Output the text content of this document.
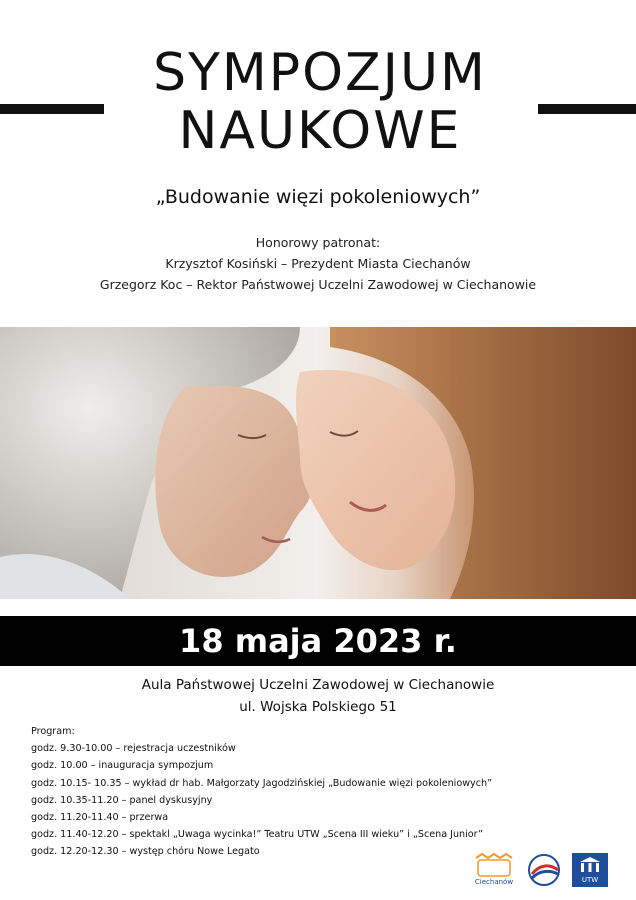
SYMPOZJUM
NAUKOWE
„Budowanie więzi pokoleniowych”
Honorowy patronat:
Krzysztof Kosiński – Prezydent Miasta Ciechanów
Grzegorz Koc – Rektor Państwowej Uczelni Zawodowej w Ciechanowie
18 maja 2023 r.
Aula Państwowej Uczelni Zawodowej w Ciechanowie
ul. Wojska Polskiego 51
Program:
godz. 9.30-10.00 – rejestracja uczestników
godz. 10.00 – inauguracja sympozjum
godz. 10.15- 10.35 – wykład dr hab. Małgorzaty Jagodzińskiej „Budowanie więzi pokoleniowych”
godz. 10.35-11.20 – panel dyskusyjny
godz. 11.20-11.40 – przerwa
godz. 11.40-12.20 – spektakl „Uwaga wycinka!” Teatru UTW „Scena III wieku” i „Scena Junior”
godz. 12.20-12.30 – występ chóru Nowe Legato
Ciechanów	UTW
